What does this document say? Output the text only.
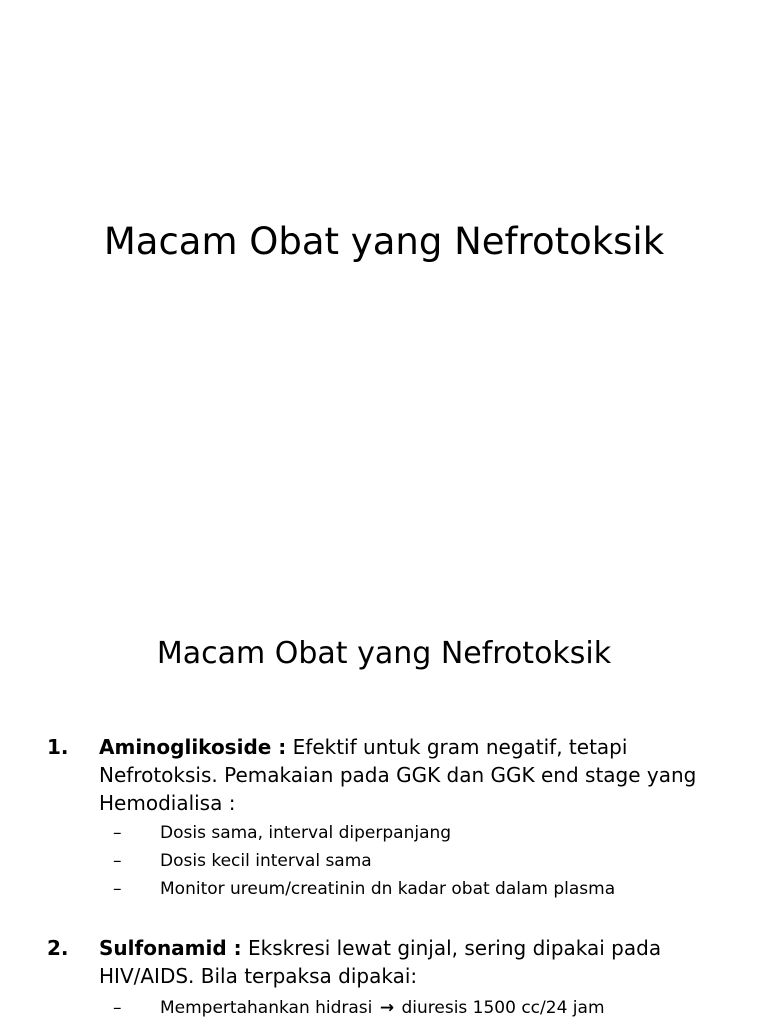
Macam Obat yang Nefrotoksik
Macam Obat yang Nefrotoksik
1. Aminoglikoside : Efektif untuk gram negatif, tetapi Nefrotoksis. Pemakaian pada GGK dan GGK end stage yang Hemodialisa :
– Dosis sama, interval diperpanjang
– Dosis kecil interval sama
– Monitor ureum/creatinin dn kadar obat dalam plasma
2. Sulfonamid : Ekskresi lewat ginjal, sering dipakai pada HIV/AIDS. Bila terpaksa dipakai:
– Mempertahankan hidrasi → diuresis 1500 cc/24 jam
